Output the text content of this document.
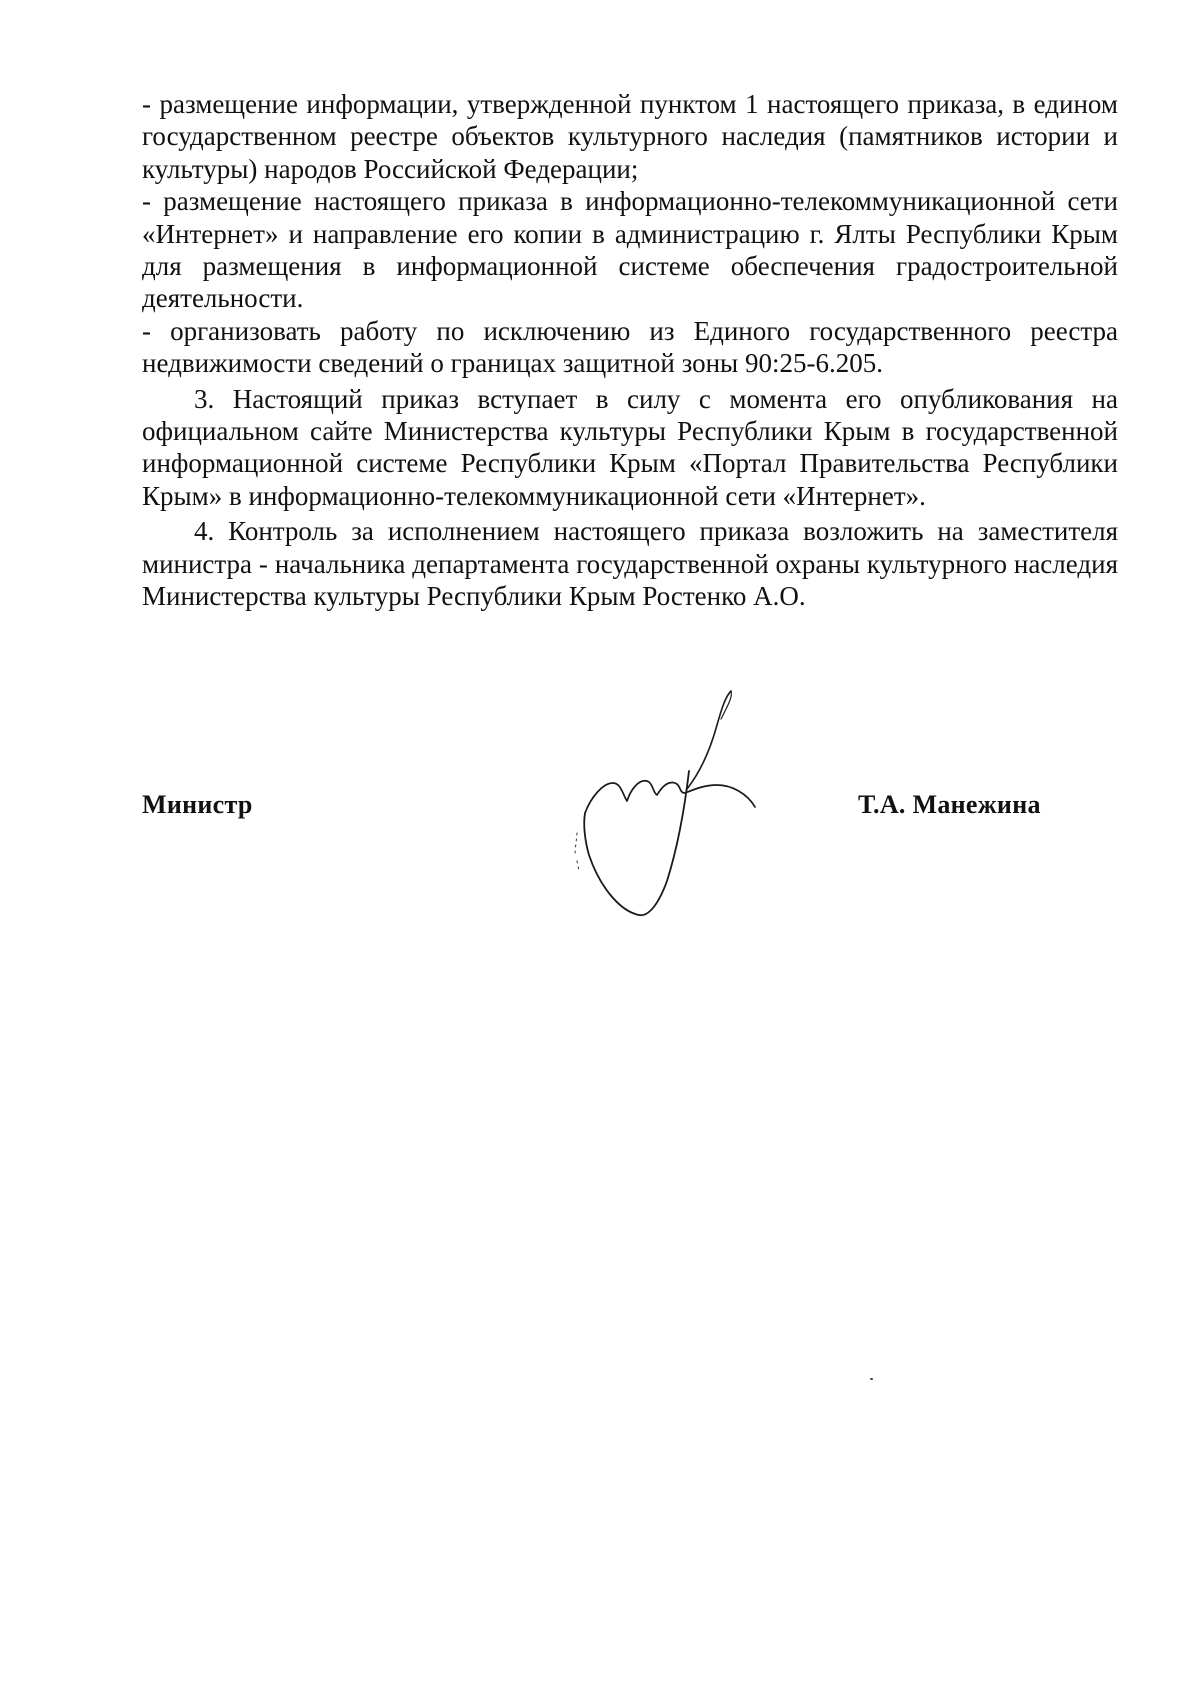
- размещение информации, утвержденной пунктом 1 настоящего приказа, в едином государственном реестре объектов культурного наследия (памятников истории и культуры) народов Российской Федерации;

- размещение настоящего приказа в информационно-телекоммуникационной сети «Интернет» и направление его копии в администрацию г. Ялты Республики Крым для размещения в информационной системе обеспечения градостроительной деятельности.

- организовать работу по исключению из Единого государственного реестра недвижимости сведений о границах защитной зоны 90:25-6.205.

3. Настоящий приказ вступает в силу с момента его опубликования на официальном сайте Министерства культуры Республики Крым в государственной информационной системе Республики Крым «Портал Правительства Республики Крым» в информационно-телекоммуникационной сети «Интернет».

4. Контроль за исполнением настоящего приказа возложить на заместителя министра - начальника департамента государственной охраны культурного наследия Министерства культуры Республики Крым Ростенко А.О.

Министр	Т.А. Манежина
